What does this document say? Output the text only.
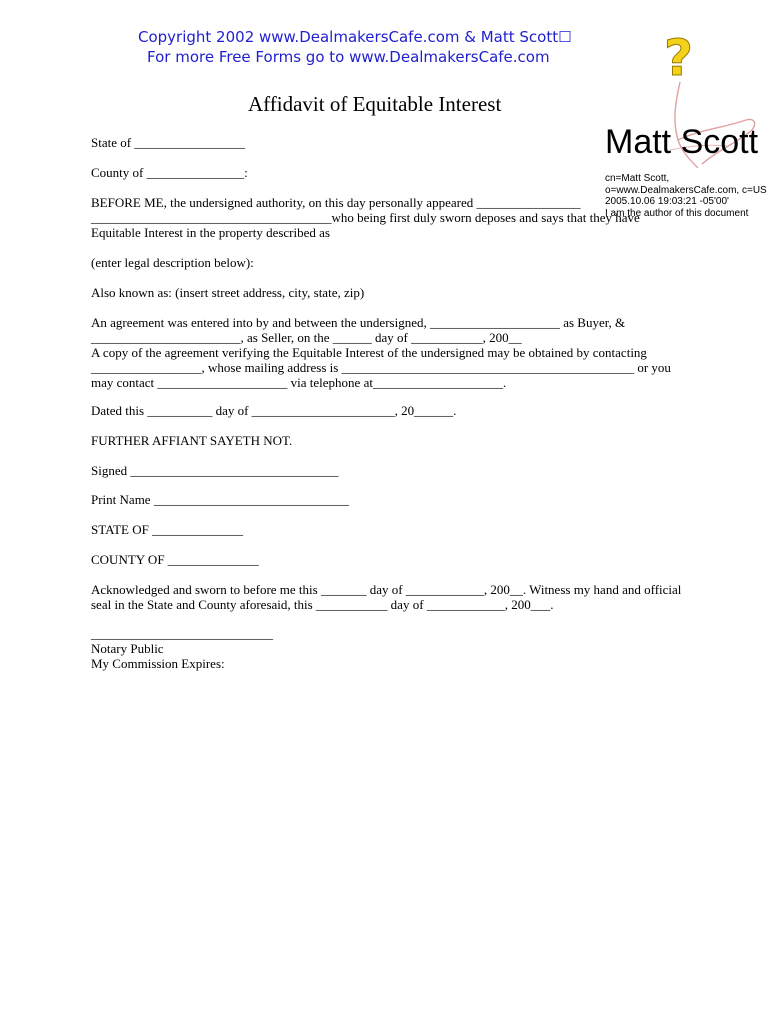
Copyright 2002 www.DealmakersCafe.com & Matt Scott☐
For more Free Forms go to www.DealmakersCafe.com
Affidavit of Equitable Interest
?
Matt Scott
cn=Matt Scott,
o=www.DealmakersCafe.com, c=US
2005.10.06 19:03:21 -05'00'
I am the author of this document
State of _________________
County of _______________:
BEFORE ME, the undersigned authority, on this day personally appeared ________________
_____________________________________who being first duly sworn deposes and says that they have
Equitable Interest in the property described as
(enter legal description below):
Also known as: (insert street address, city, state, zip)
An agreement was entered into by and between the undersigned, ____________________ as Buyer, &
_______________________, as Seller, on the ______ day of ___________, 200__
A copy of the agreement verifying the Equitable Interest of the undersigned may be obtained by contacting
_________________, whose mailing address is _____________________________________________ or you
may contact ____________________ via telephone at____________________.
Dated this __________ day of ______________________, 20______.
FURTHER AFFIANT SAYETH NOT.
Signed ________________________________
Print Name ______________________________
STATE OF ______________
COUNTY OF ______________
Acknowledged and sworn to before me this _______ day of ____________, 200__. Witness my hand and official
seal in the State and County aforesaid, this ___________ day of ____________, 200___.
____________________________
Notary Public
My Commission Expires:
